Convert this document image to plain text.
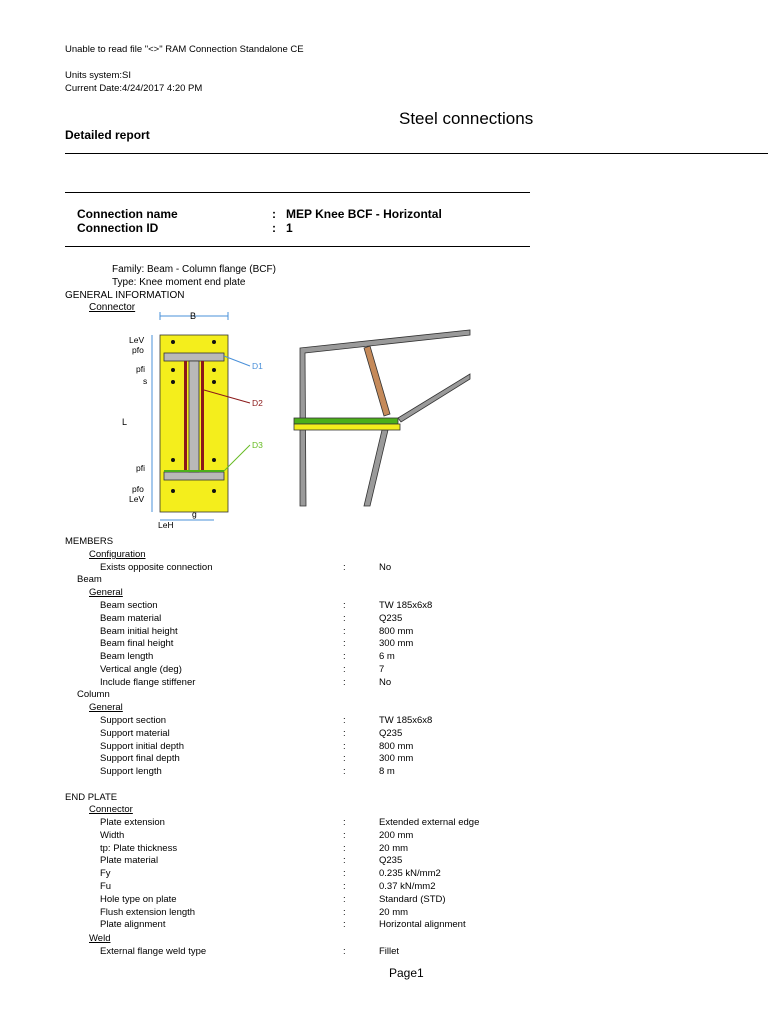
Unable to read file "<>" RAM Connection Standalone CE
Units system:SI
Current Date:4/24/2017 4:20 PM
Steel connections
Detailed report
Connection name	: MEP Knee BCF - Horizontal
Connection ID	: 1
Family: Beam - Column flange (BCF)
Type: Knee moment end plate
GENERAL INFORMATION
Connector
B
LeV
pfo
pfi
s
L
pfi
pfo
LeV
LeH
g
D1
D2
D3
MEMBERS
Configuration
Exists opposite connection	:	No
Beam
General
Beam section	:	TW 185x6x8
Beam material	:	Q235
Beam initial height	:	800 mm
Beam final height	:	300 mm
Beam length	:	6 m
Vertical angle (deg)	:	7
Include flange stiffener	:	No
Column
General
Support section	:	TW 185x6x8
Support material	:	Q235
Support initial depth	:	800 mm
Support final depth	:	300 mm
Support length	:	8 m
END PLATE
Connector
Plate extension	:	Extended external edge
Width	:	200 mm
tp: Plate thickness	:	20 mm
Plate material	:	Q235
Fy	:	0.235 kN/mm2
Fu	:	0.37 kN/mm2
Hole type on plate	:	Standard (STD)
Flush extension length	:	20 mm
Plate alignment	:	Horizontal alignment
Weld
External flange weld type	:	Fillet
Page1
